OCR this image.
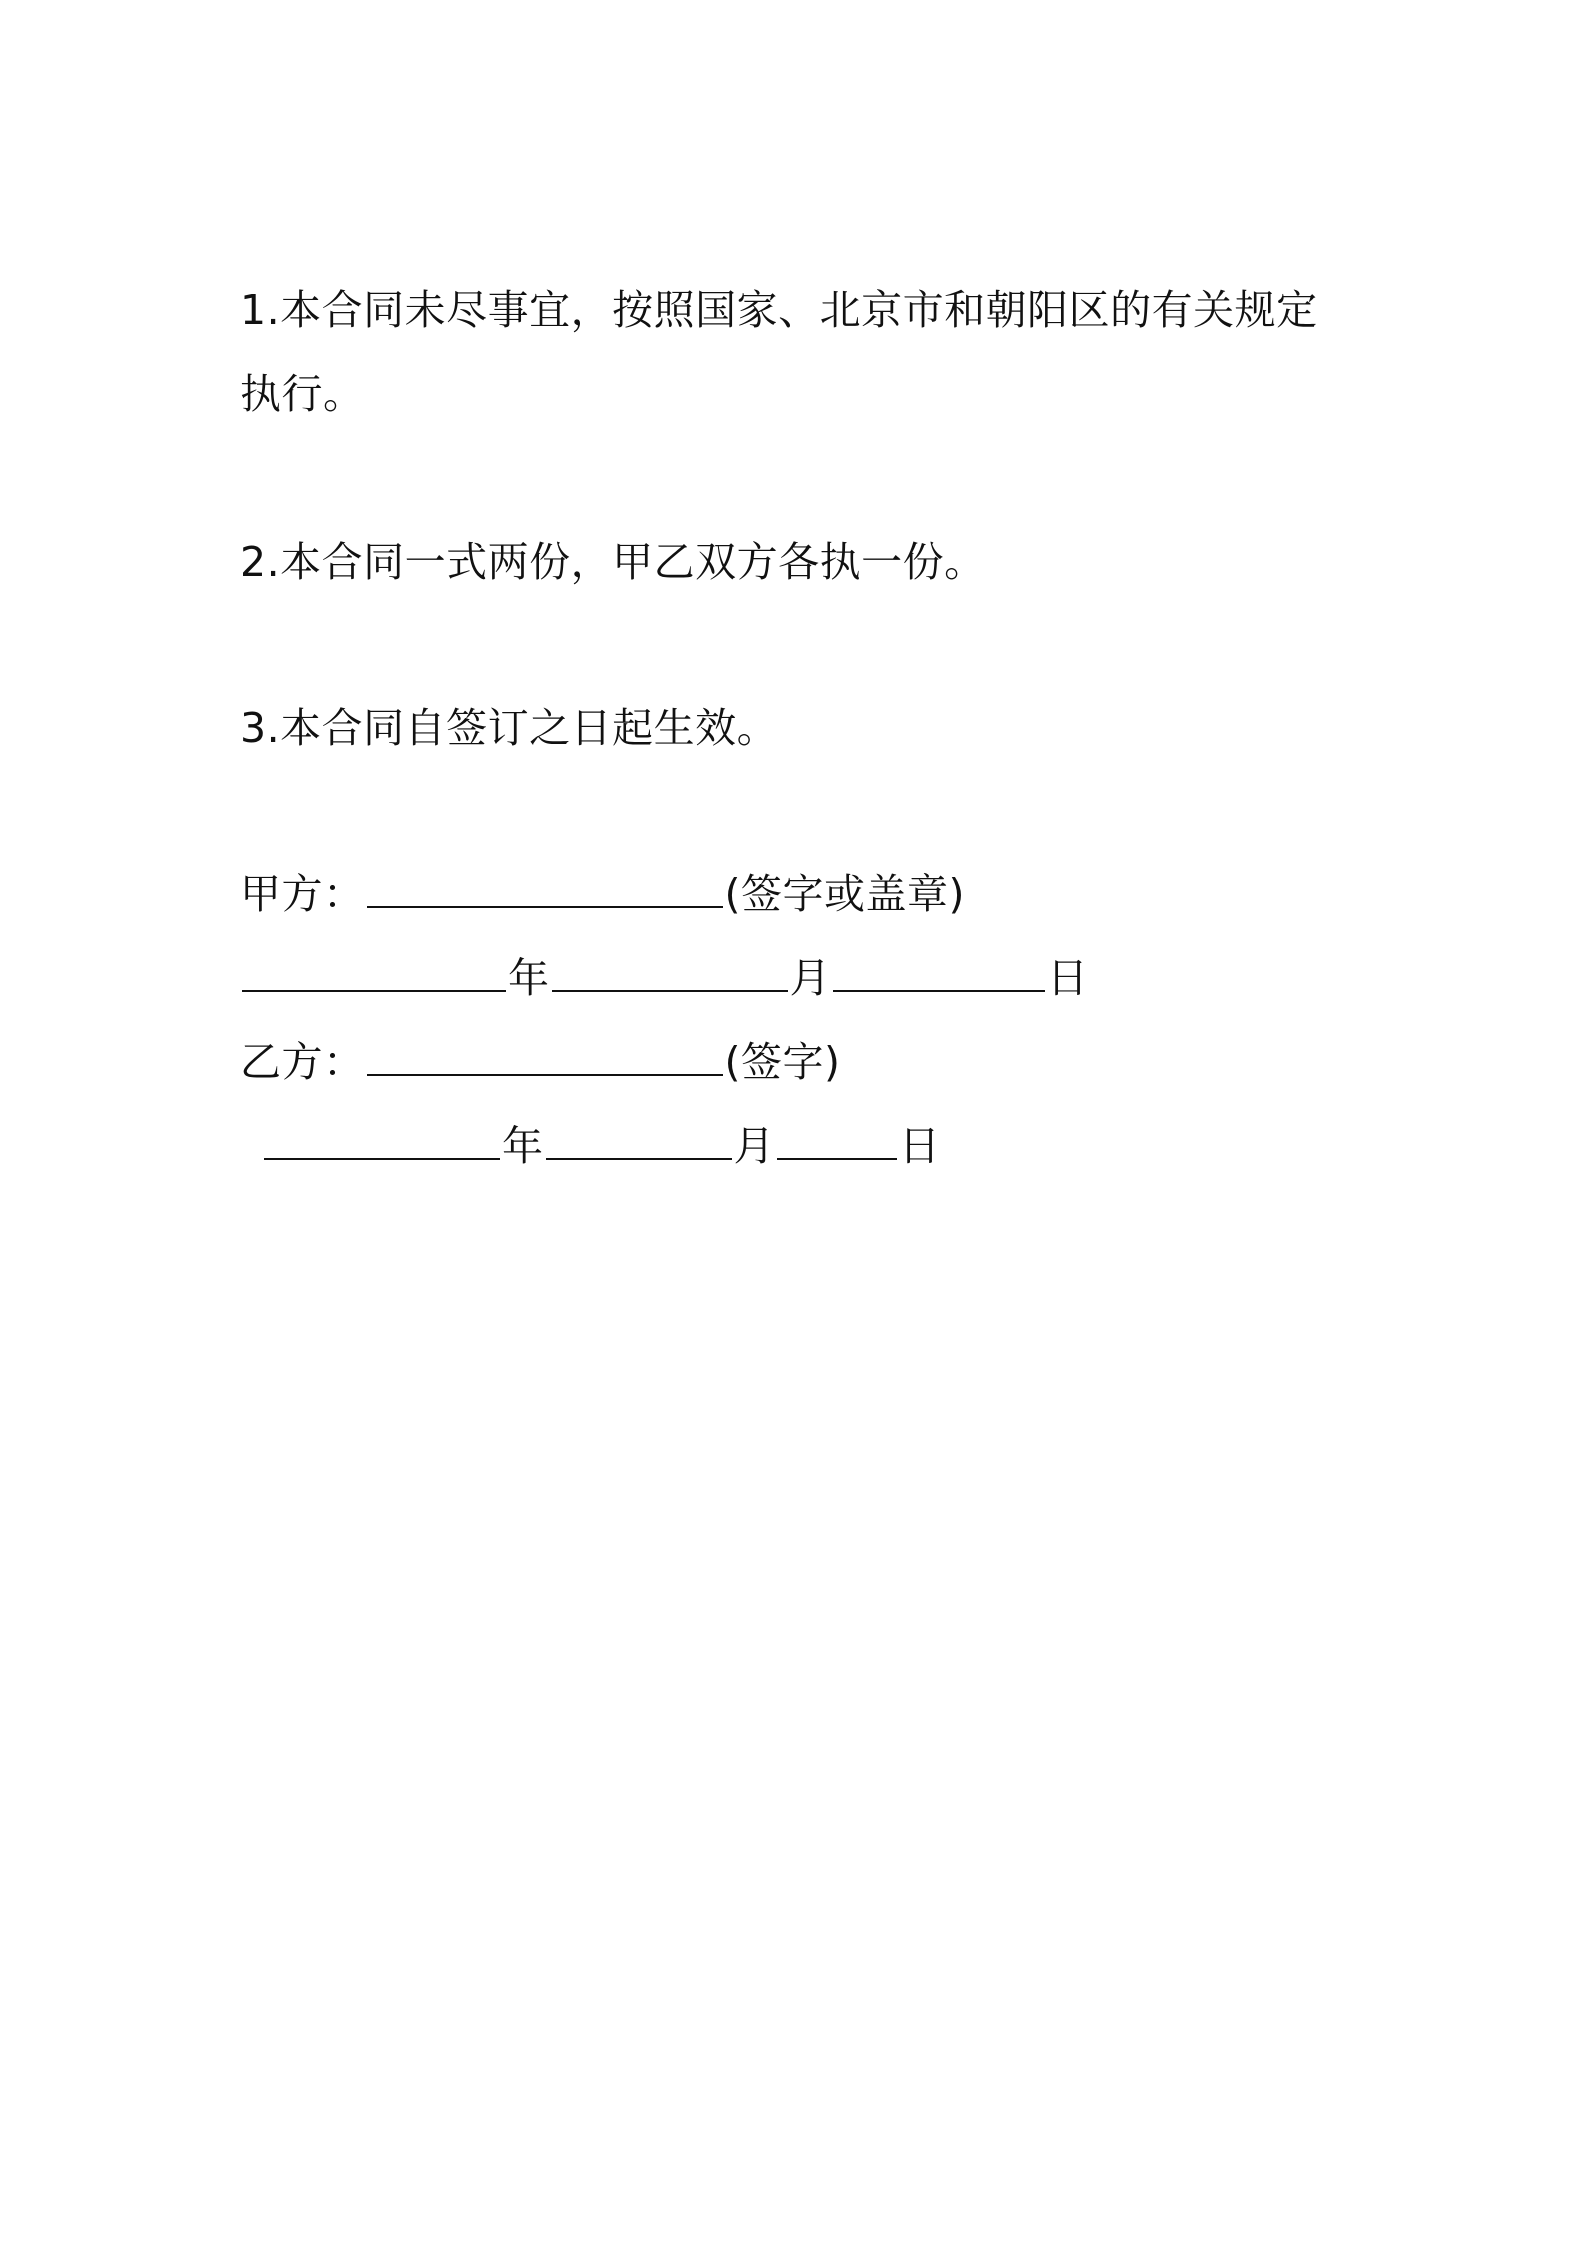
1.本合同未尽事宜，按照国家、北京市和朝阳区的有关规定
执行。
2.本合同一式两份，甲乙双方各执一份。
3.本合同自签订之日起生效。
甲方：	(签字或盖章)
年	月	日
乙方：	(签字)
年	月	日
